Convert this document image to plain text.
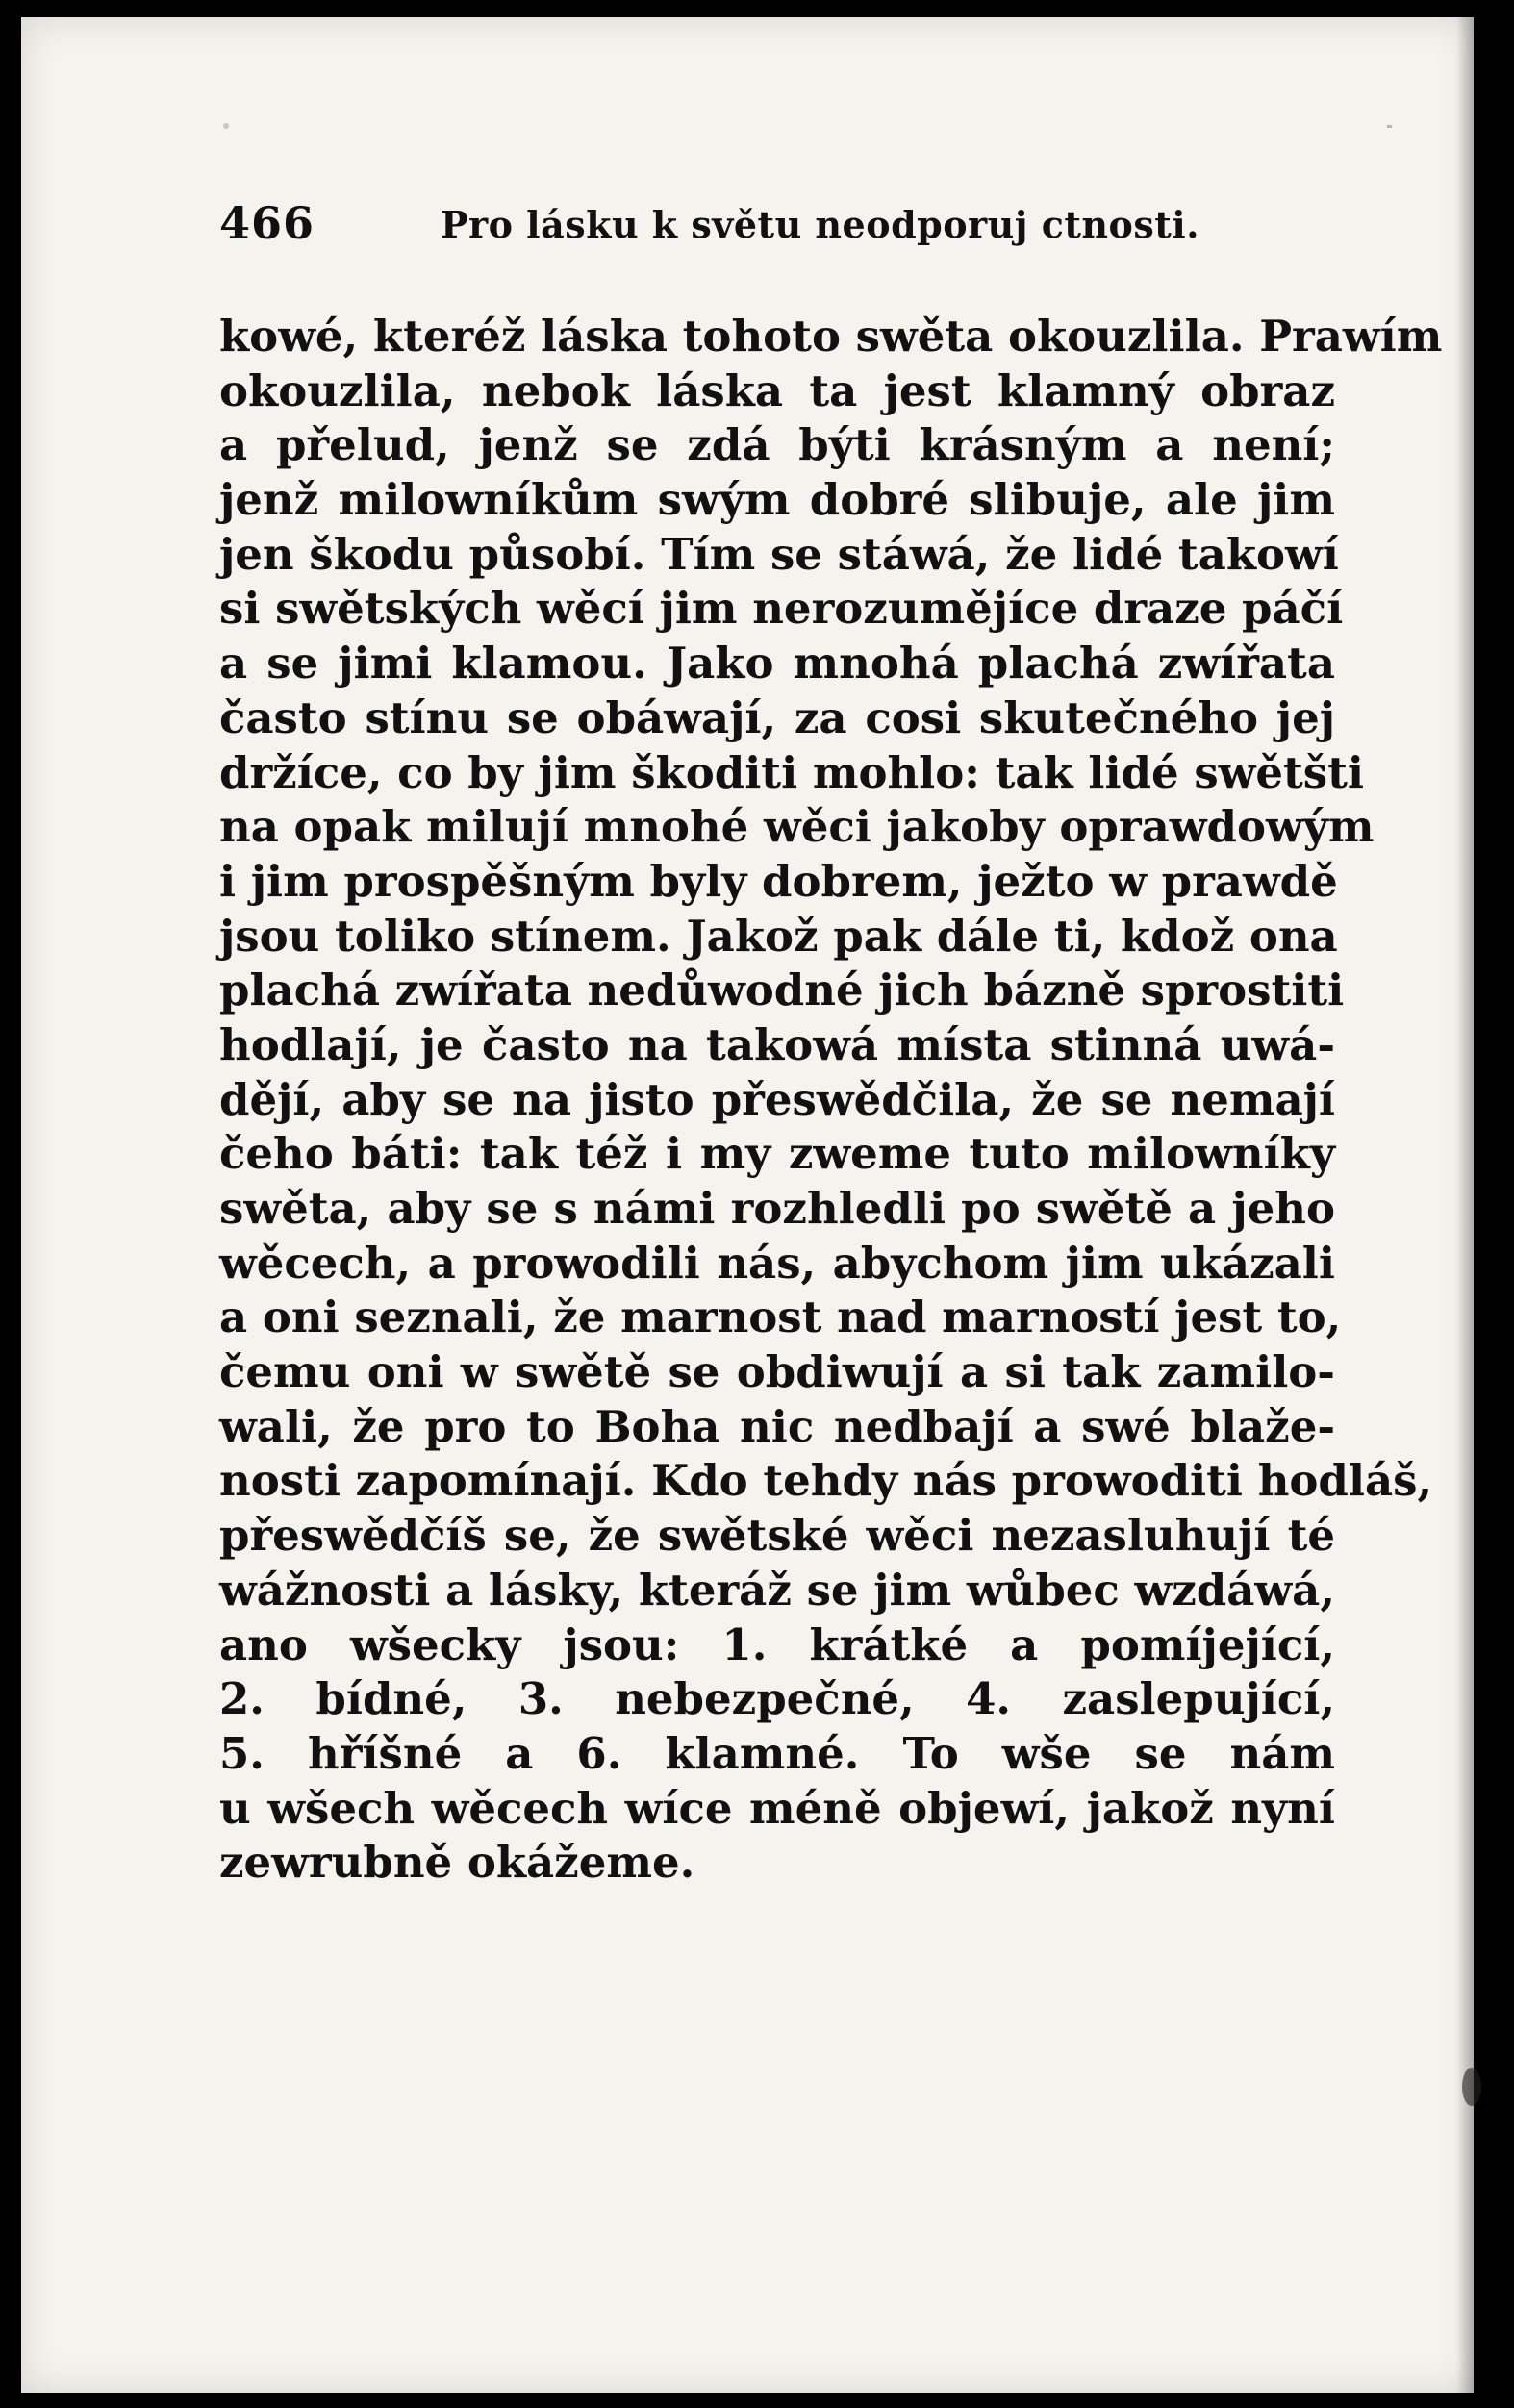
466	Pro lásku k světu neodporuj ctnosti.
kowé, kteréž láska tohoto swěta okouzlila. Prawím
okouzlila, nebok láska ta jest klamný obraz
a přelud, jenž se zdá býti krásným a není;
jenž milowníkům swým dobré slibuje, ale jim
jen škodu působí. Tím se stáwá, že lidé takowí
si swětských wěcí jim nerozumějíce draze páčí
a se jimi klamou. Jako mnohá plachá zwířata
často stínu se obáwají, za cosi skutečného jej
držíce, co by jim škoditi mohlo: tak lidé swětšti
na opak milují mnohé wěci jakoby oprawdowým
i jim prospěšným byly dobrem, ježto w prawdě
jsou toliko stínem. Jakož pak dále ti, kdož ona
plachá zwířata nedůwodné jich bázně sprostiti
hodlají, je často na takowá místa stinná uwá-
dějí, aby se na jisto přeswědčila, že se nemají
čeho báti: tak též i my zweme tuto milowníky
swěta, aby se s námi rozhledli po swětě a jeho
wěcech, a prowodili nás, abychom jim ukázali
a oni seznali, že marnost nad marností jest to,
čemu oni w swětě se obdiwují a si tak zamilo-
wali, že pro to Boha nic nedbají a swé blaže-
nosti zapomínají. Kdo tehdy nás prowoditi hodláš,
přeswědčíš se, že swětské wěci nezasluhují té
wážnosti a lásky, kteráž se jim wůbec wzdáwá,
ano wšecky jsou: 1. krátké a pomíjející,
2. bídné, 3. nebezpečné, 4. zaslepující,
5. hříšné a 6. klamné. To wše se nám
u wšech wěcech wíce méně objewí, jakož nyní
zewrubně okážeme.
